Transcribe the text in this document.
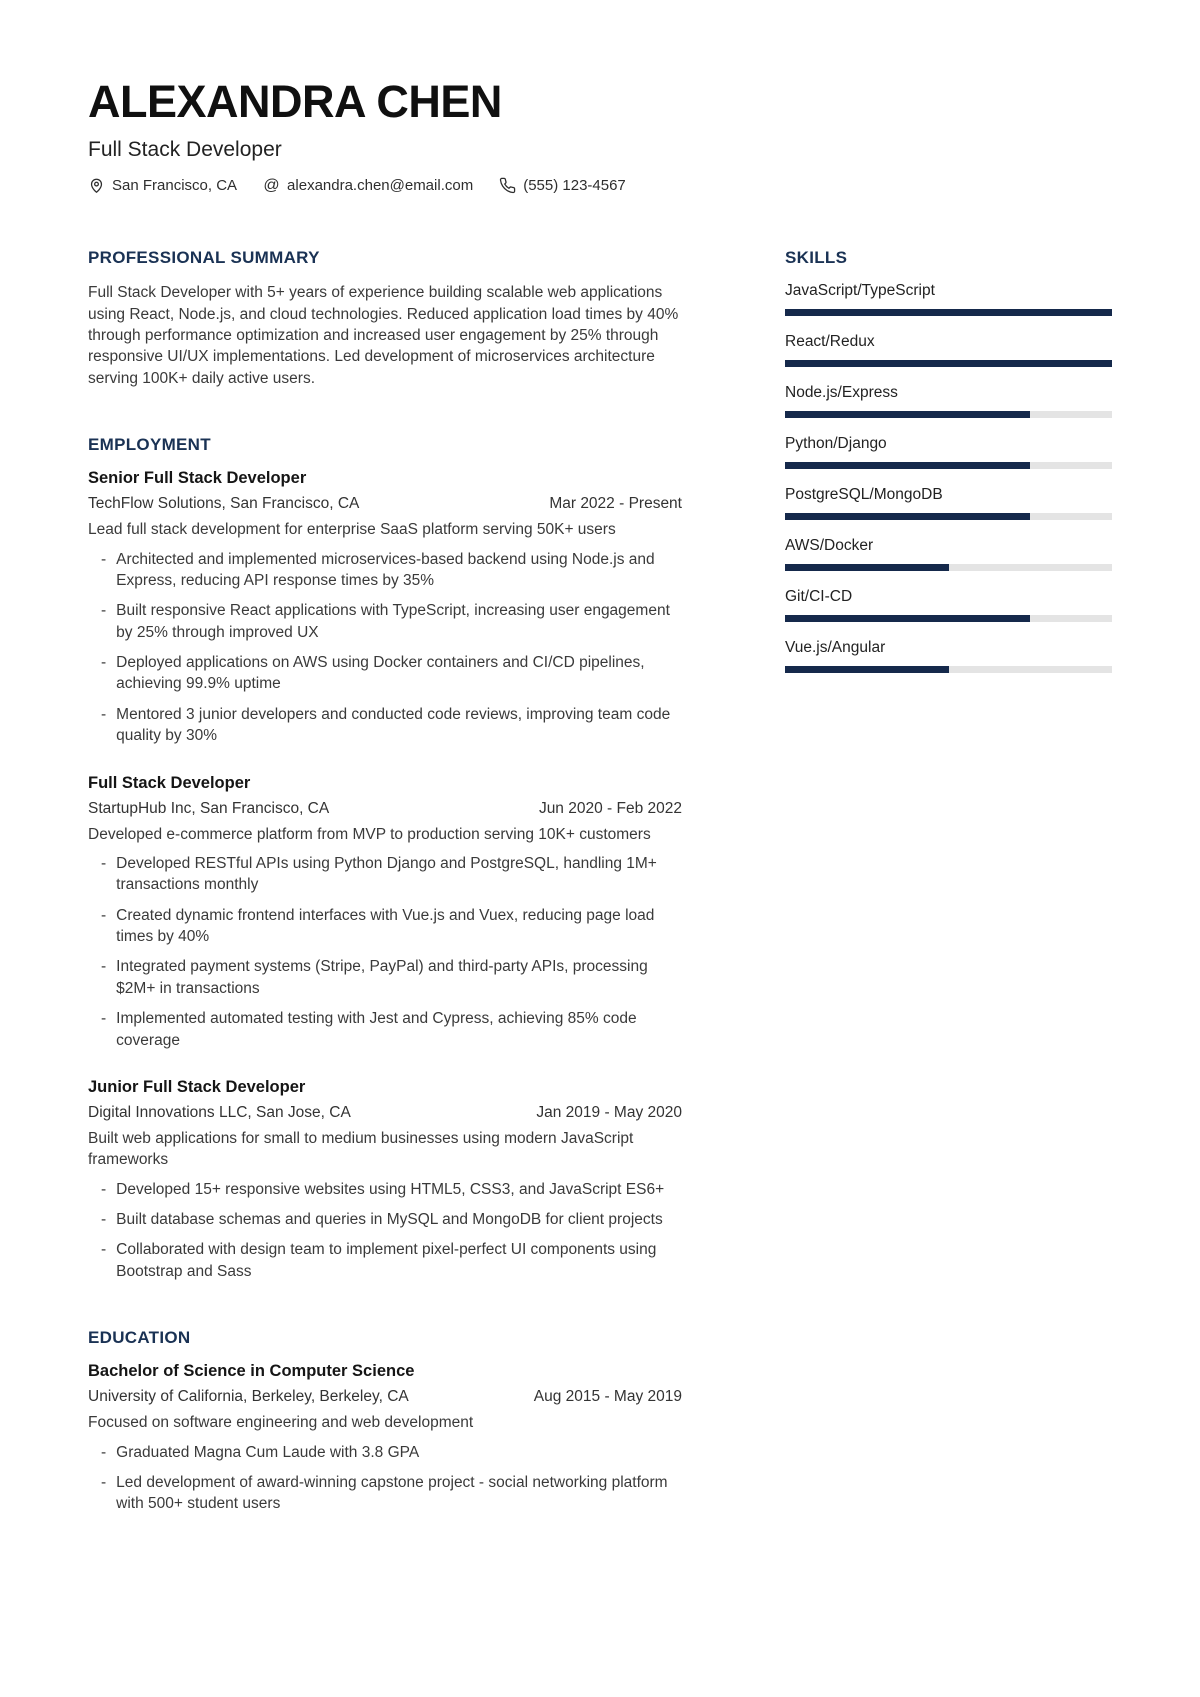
ALEXANDRA CHEN
Full Stack Developer
San Francisco, CA @ alexandra.chen@email.com	(555) 123-4567
PROFESSIONAL SUMMARY

Full Stack Developer with 5+ years of experience building scalable web applications using React, Node.js, and cloud technologies. Reduced application load times by 40% through performance optimization and increased user engagement by 25% through responsive UI/UX implementations. Led development of microservices architecture serving 100K+ daily active users.

EMPLOYMENT
Senior Full Stack Developer
TechFlow Solutions, San Francisco, CA	Mar 2022 - Present
Lead full stack development for enterprise SaaS platform serving 50K+ users
- Architected and implemented microservices-based backend using Node.js and Express, reducing API response times by 35%
- Built responsive React applications with TypeScript, increasing user engagement by 25% through improved UX
- Deployed applications on AWS using Docker containers and CI/CD pipelines, achieving 99.9% uptime
- Mentored 3 junior developers and conducted code reviews, improving team code quality by 30%
Full Stack Developer
StartupHub Inc, San Francisco, CA	Jun 2020 - Feb 2022
Developed e-commerce platform from MVP to production serving 10K+ customers
- Developed RESTful APIs using Python Django and PostgreSQL, handling 1M+ transactions monthly
- Created dynamic frontend interfaces with Vue.js and Vuex, reducing page load times by 40%
- Integrated payment systems (Stripe, PayPal) and third-party APIs, processing $2M+ in transactions
- Implemented automated testing with Jest and Cypress, achieving 85% code coverage
Junior Full Stack Developer
Digital Innovations LLC, San Jose, CA	Jan 2019 - May 2020
Built web applications for small to medium businesses using modern JavaScript frameworks
- Developed 15+ responsive websites using HTML5, CSS3, and JavaScript ES6+
- Built database schemas and queries in MySQL and MongoDB for client projects
- Collaborated with design team to implement pixel-perfect UI components using Bootstrap and Sass
EDUCATION
Bachelor of Science in Computer Science
University of California, Berkeley, Berkeley, CA	Aug 2015 - May 2019
Focused on software engineering and web development
- Graduated Magna Cum Laude with 3.8 GPA
- Led development of award-winning capstone project - social networking platform with 500+ student users
SKILLS
JavaScript/TypeScript
React/Redux
Node.js/Express
Python/Django
PostgreSQL/MongoDB
AWS/Docker
Git/CI-CD
Vue.js/Angular
